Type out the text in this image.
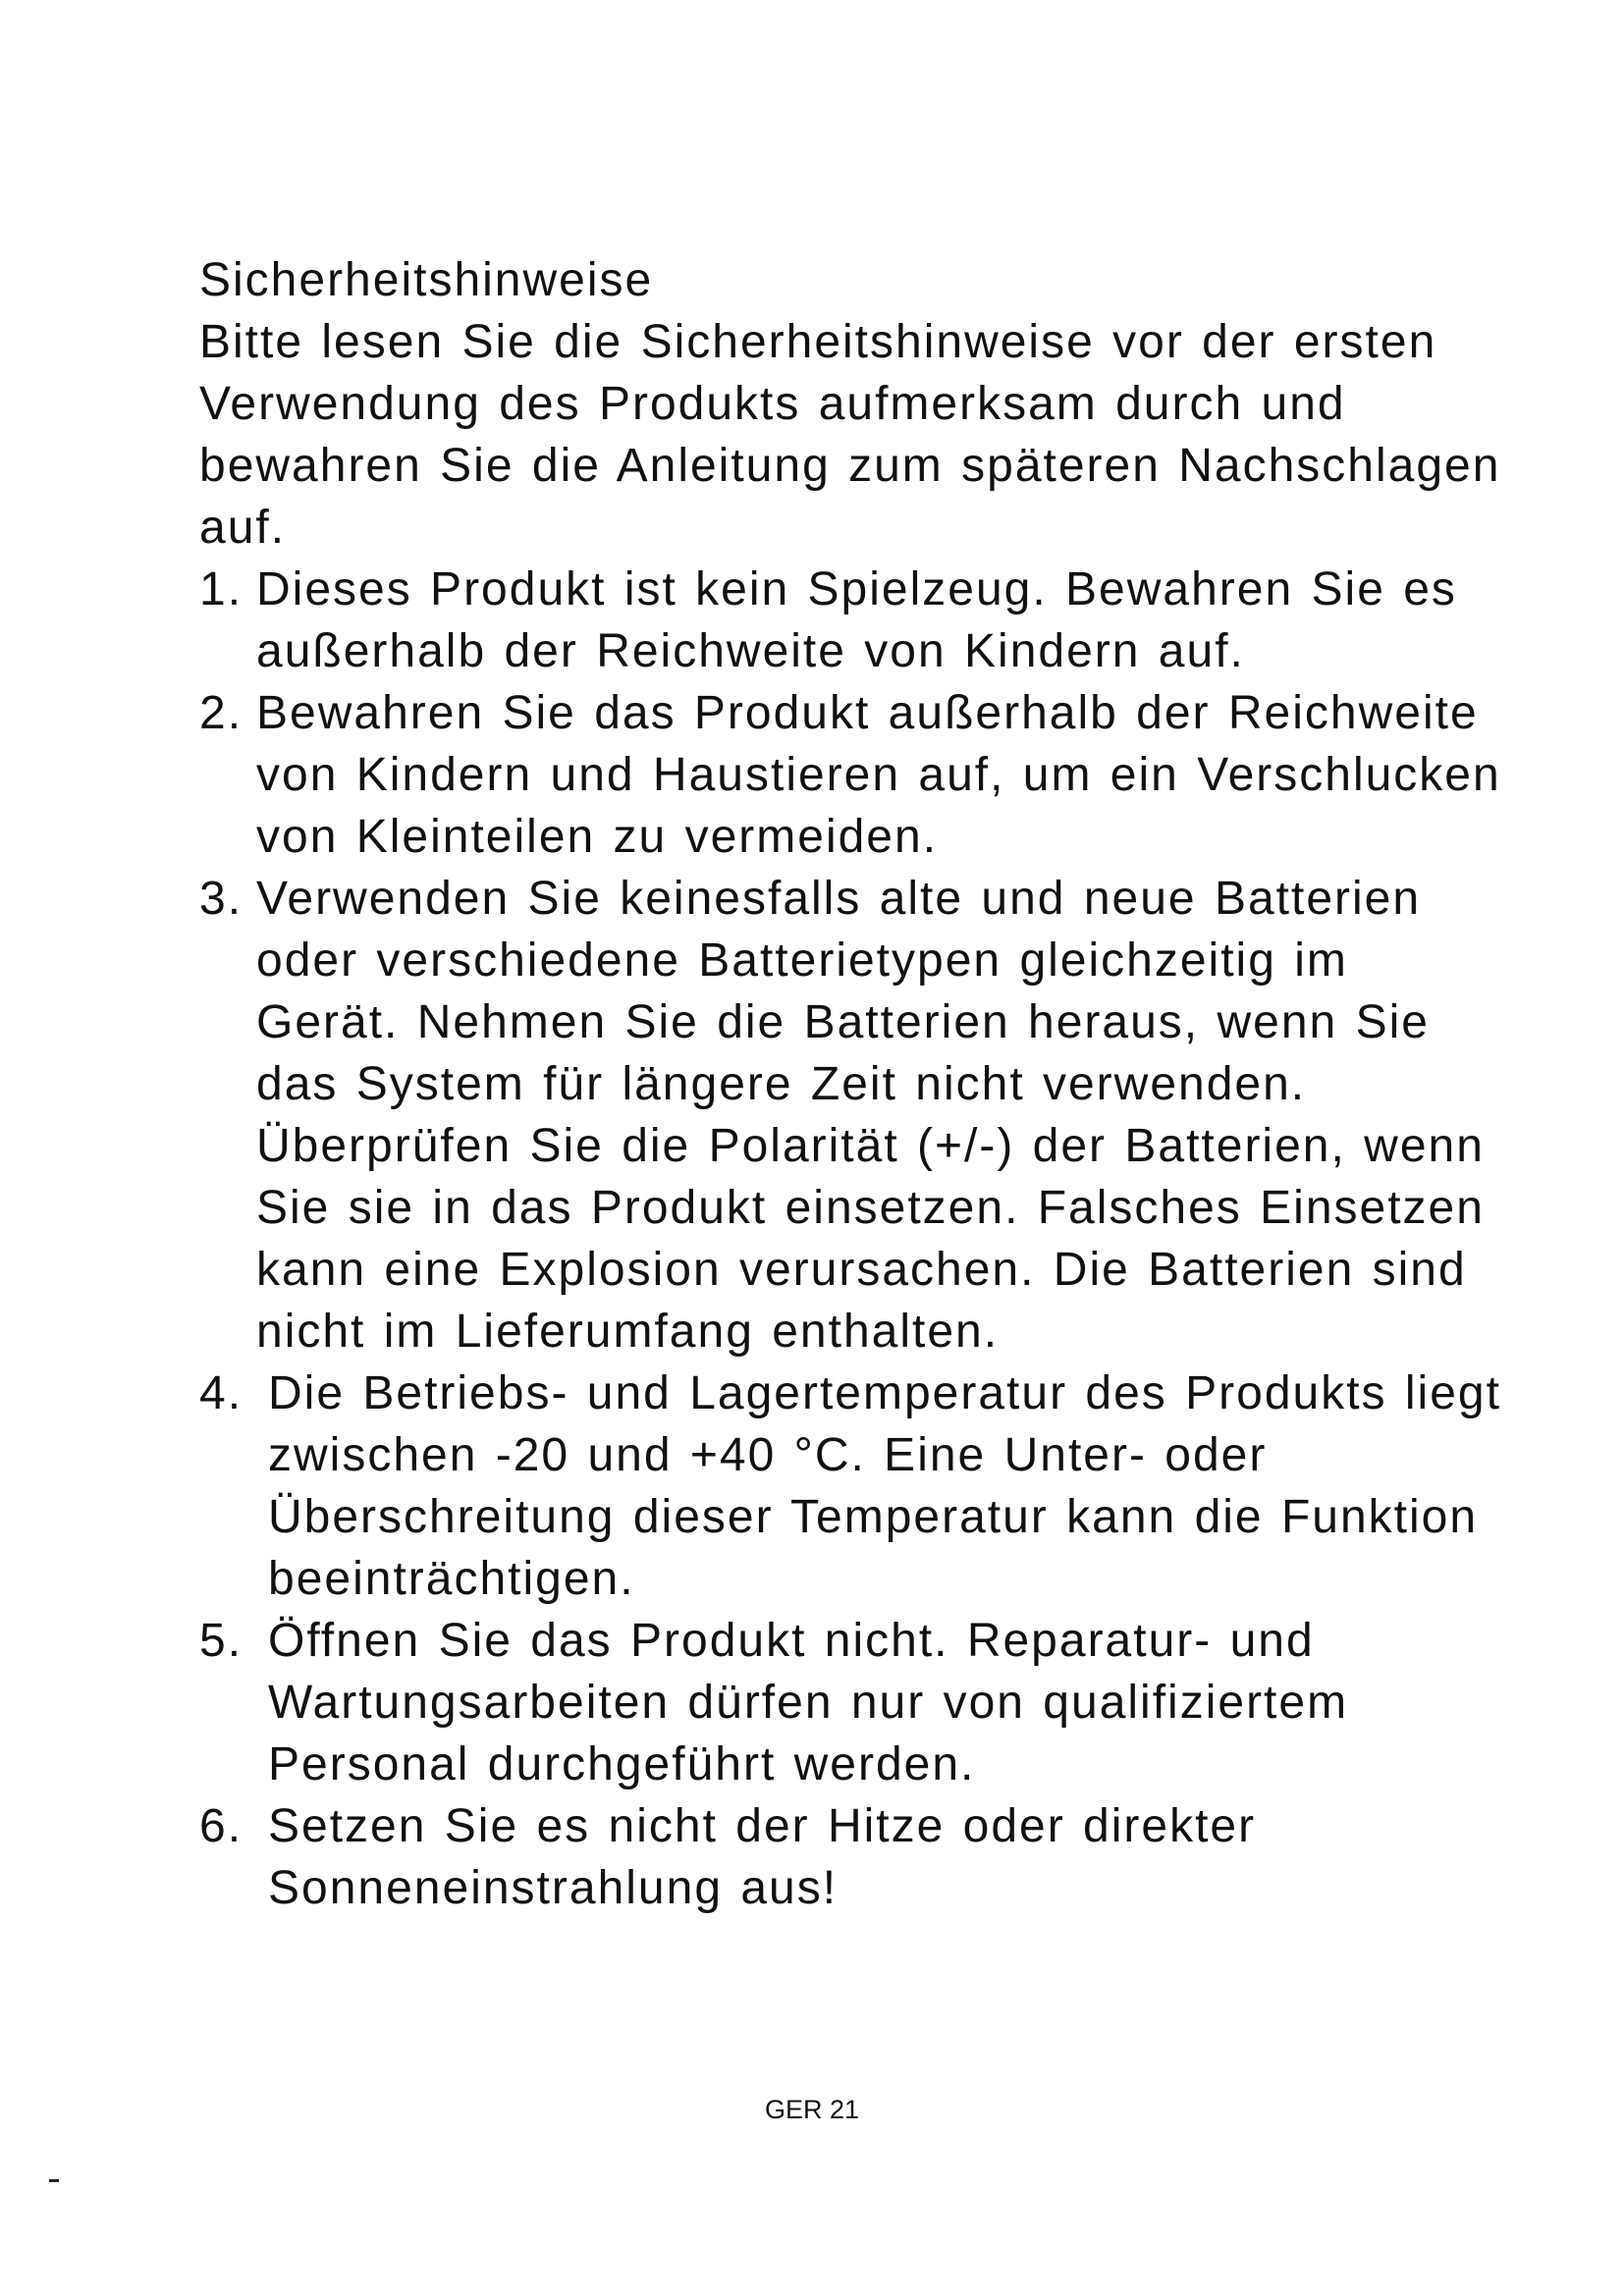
Sicherheitshinweise

Bitte lesen Sie die Sicherheitshinweise vor der ersten Verwendung des Produkts aufmerksam durch und bewahren Sie die Anleitung zum späteren Nachschlagen auf.

1. Dieses Produkt ist kein Spielzeug. Bewahren Sie es außerhalb der Reichweite von Kindern auf.
2. Bewahren Sie das Produkt außerhalb der Reichweite von Kindern und Haustieren auf, um ein Verschlucken von Kleinteilen zu vermeiden.
3. Verwenden Sie keinesfalls alte und neue Batterien oder verschiedene Batterietypen gleichzeitig im Gerät. Nehmen Sie die Batterien heraus, wenn Sie das System für längere Zeit nicht verwenden. Überprüfen Sie die Polarität (+/-) der Batterien, wenn Sie sie in das Produkt einsetzen. Falsches Einsetzen kann eine Explosion verursachen. Die Batterien sind nicht im Lieferumfang enthalten.
4. Die Betriebs- und Lagertemperatur des Produkts liegt zwischen -20 und +40 °C. Eine Unter- oder Überschreitung dieser Temperatur kann die Funktion beeinträchtigen.
5. Öffnen Sie das Produkt nicht. Reparatur- und Wartungsarbeiten dürfen nur von qualifiziertem Personal durchgeführt werden.
6. Setzen Sie es nicht der Hitze oder direkter Sonneneinstrahlung aus!
GER 21
